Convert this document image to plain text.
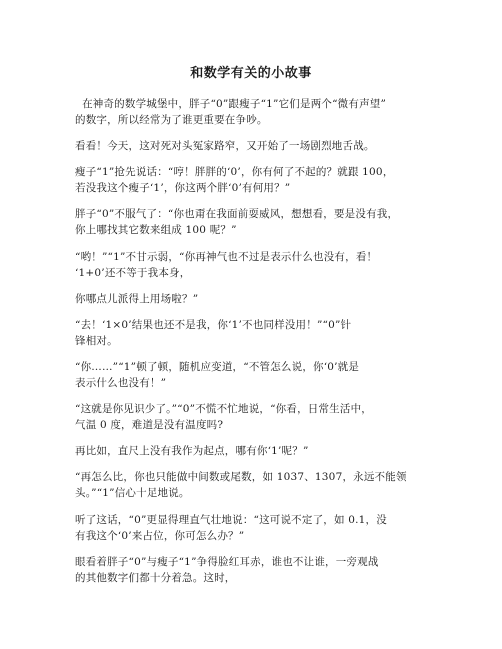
和数学有关的小故事
在神奇的数学城堡中，胖子“0”跟瘦子“1”它们是两个“微有声望”
的数字，所以经常为了谁更重要在争吵。
看看！今天，这对死对头冤家路窄，又开始了一场剧烈地舌战。
瘦子“1”抢先说话：“哼！胖胖的‘0’，你有何了不起的？就跟 100，
若没我这个瘦子‘1’，你这两个胖‘0’有何用？”
胖子“0”不服气了：“你也甭在我面前耍威风，想想看，要是没有我，
你上哪找其它数来组成 100 呢？”
“哟！”“1”不甘示弱，“你再神气也不过是表示什么也没有，看！
‘1+0’还不等于我本身，
你哪点儿派得上用场啦？”
“去！‘1×0’结果也还不是我，你‘1’不也同样没用！”“0”针
锋相对。
“你……”“1”顿了顿，随机应变道，“不管怎么说，你‘0’就是
表示什么也没有！”
“这就是你见识少了。”“0”不慌不忙地说，“你看，日常生活中，
气温 0 度，难道是没有温度吗?
再比如，直尺上没有我作为起点，哪有你‘1’呢？”
“再怎么比，你也只能做中间数或尾数，如 1037、1307，永远不能领
头。”“1”信心十足地说。
听了这话，“0”更显得理直气壮地说：“这可说不定了，如 0.1，没
有我这个‘0’来占位，你可怎么办？”
眼看着胖子“0”与瘦子“1”争得脸红耳赤，谁也不让谁，一旁观战
的其他数字们都十分着急。这时，
